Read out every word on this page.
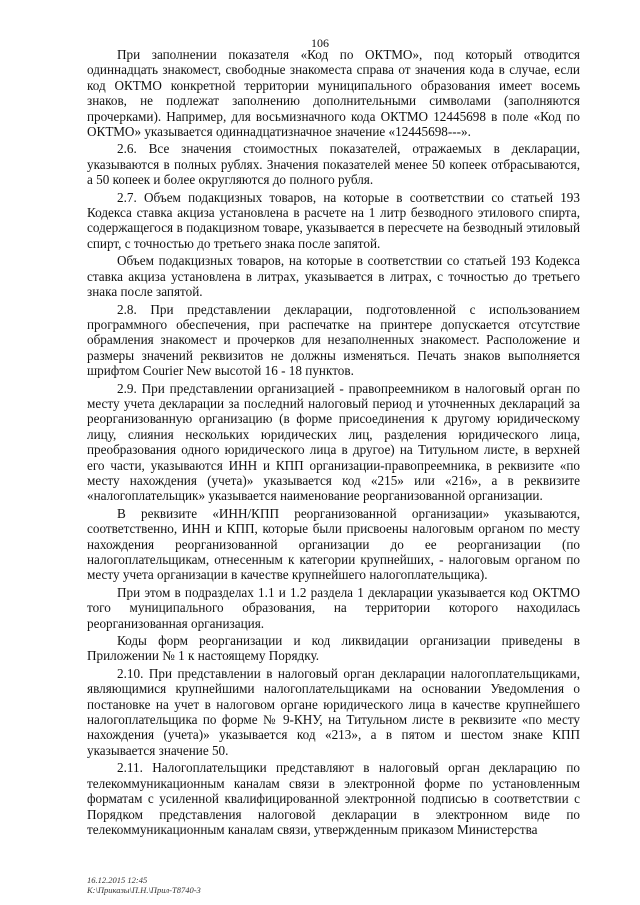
106

При заполнении показателя «Код по ОКТМО», под который отводится одиннадцать знакомест, свободные знакоместа справа от значения кода в случае, если код ОКТМО конкретной территории муниципального образования имеет восемь знаков, не подлежат заполнению дополнительными символами (заполняются прочерками). Например, для восьмизначного кода ОКТМО 12445698 в поле «Код по ОКТМО» указывается одиннадцатизначное значение «12445698---».

2.6. Все значения стоимостных показателей, отражаемых в декларации, указываются в полных рублях. Значения показателей менее 50 копеек отбрасываются, а 50 копеек и более округляются до полного рубля.

2.7. Объем подакцизных товаров, на которые в соответствии со статьей 193 Кодекса ставка акциза установлена в расчете на 1 литр безводного этилового спирта, содержащегося в подакцизном товаре, указывается в пересчете на безводный этиловый спирт, с точностью до третьего знака после запятой.

Объем подакцизных товаров, на которые в соответствии со статьей 193 Кодекса ставка акциза установлена в литрах, указывается в литрах, с точностью до третьего знака после запятой.

2.8. При представлении декларации, подготовленной с использованием программного обеспечения, при распечатке на принтере допускается отсутствие обрамления знакомест и прочерков для незаполненных знакомест. Расположение и размеры значений реквизитов не должны изменяться. Печать знаков выполняется шрифтом Courier New высотой 16 - 18 пунктов.

2.9. При представлении организацией - правопреемником в налоговый орган по месту учета декларации за последний налоговый период и уточненных деклараций за реорганизованную организацию (в форме присоединения к другому юридическому лицу, слияния нескольких юридических лиц, разделения юридического лица, преобразования одного юридического лица в другое) на Титульном листе, в верхней его части, указываются ИНН и КПП организации-правопреемника, в реквизите «по месту нахождения (учета)» указывается код «215» или «216», а в реквизите «налогоплательщик» указывается наименование реорганизованной организации.

В реквизите «ИНН/КПП реорганизованной организации» указываются, соответственно, ИНН и КПП, которые были присвоены налоговым органом по месту нахождения реорганизованной организации до ее реорганизации (по налогоплательщикам, отнесенным к категории крупнейших, - налоговым органом по месту учета организации в качестве крупнейшего налогоплательщика).

При этом в подразделах 1.1 и 1.2 раздела 1 декларации указывается код ОКТМО того муниципального образования, на территории которого находилась реорганизованная организация.

Коды форм реорганизации и код ликвидации организации приведены в Приложении № 1 к настоящему Порядку.

2.10. При представлении в налоговый орган декларации налогоплательщиками, являющимися крупнейшими налогоплательщиками на основании Уведомления о постановке на учет в налоговом органе юридического лица в качестве крупнейшего налогоплательщика по форме № 9-КНУ, на Титульном листе в реквизите «по месту нахождения (учета)» указывается код «213», а в пятом и шестом знаке КПП указывается значение 50.

2.11. Налогоплательщики представляют в налоговый орган декларацию по телекоммуникационным каналам связи в электронной форме по установленным форматам с усиленной квалифицированной электронной подписью в соответствии с Порядком представления налоговой декларации в электронном виде по телекоммуникационным каналам связи, утвержденным приказом Министерства

16.12.2015 12:45
К:\Приказы\П.Н.\Прил-Т8740-3
